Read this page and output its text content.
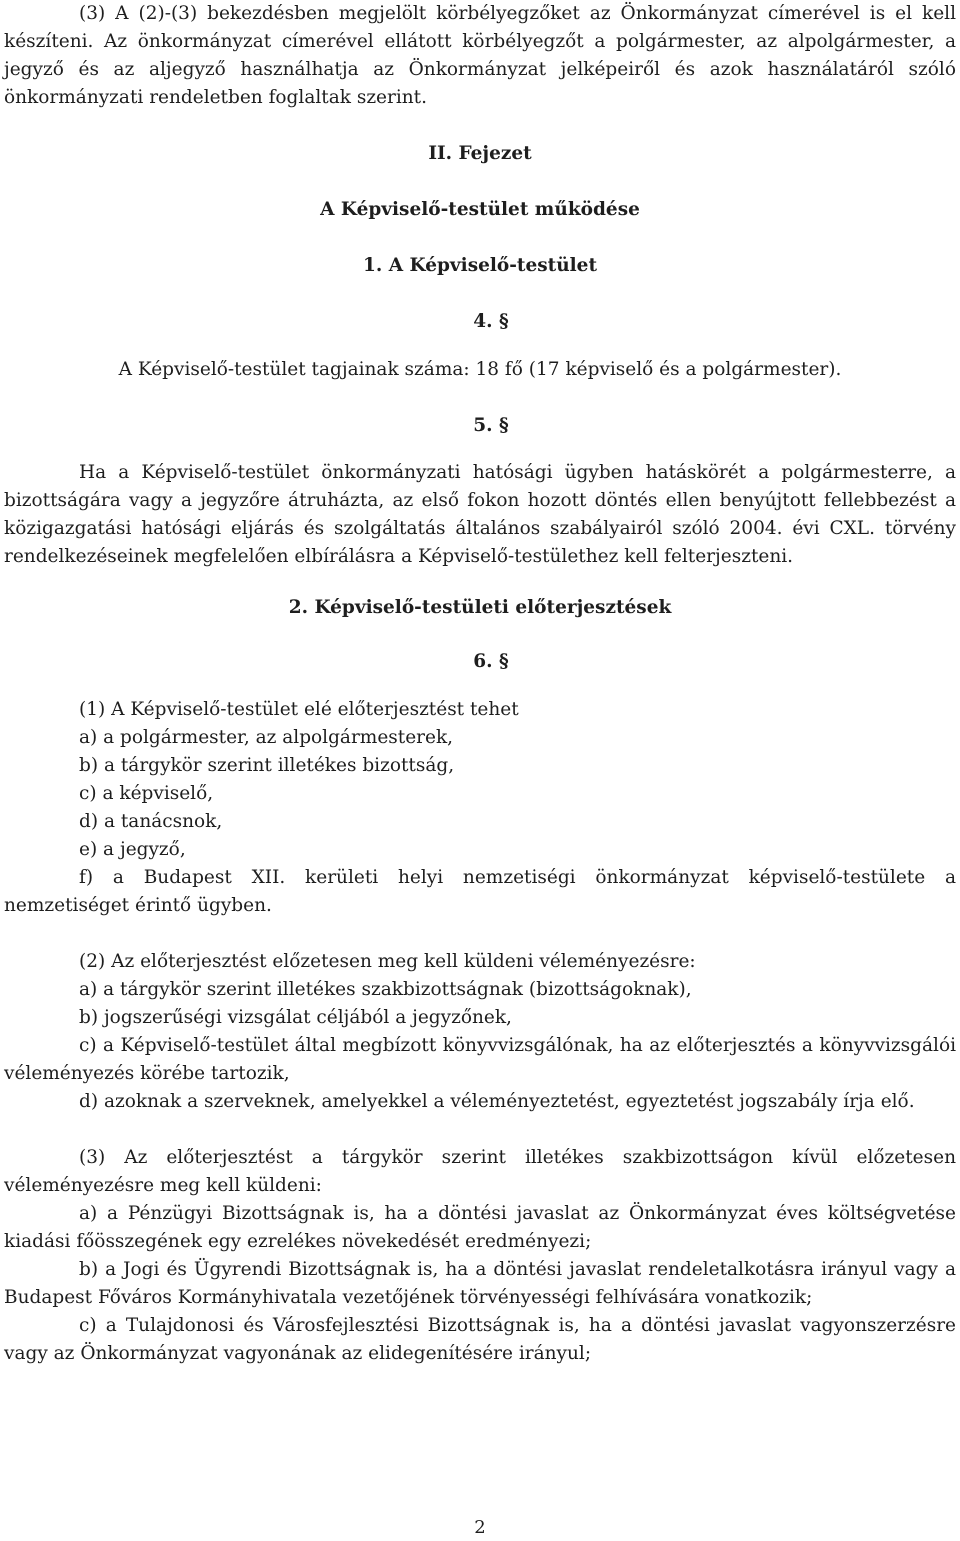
(3) A (2)-(3) bekezdésben megjelölt körbélyegzőket az Önkormányzat címerével is el kell készíteni. Az önkormányzat címerével ellátott körbélyegzőt a polgármester, az alpolgármester, a jegyző és az aljegyző használhatja az Önkormányzat jelképeiről és azok használatáról szóló önkormányzati rendeletben foglaltak szerint.

II. Fejezet

A Képviselő-testület működése

1. A Képviselő-testület

4. §

A Képviselő-testület tagjainak száma: 18 fő (17 képviselő és a polgármester).

5. §

Ha a Képviselő-testület önkormányzati hatósági ügyben hatáskörét a polgármesterre, a bizottságára vagy a jegyzőre átruházta, az első fokon hozott döntés ellen benyújtott fellebbezést a közigazgatási hatósági eljárás és szolgáltatás általános szabályairól szóló 2004. évi CXL. törvény rendelkezéseinek megfelelően elbírálásra a Képviselő-testülethez kell felterjeszteni.

2. Képviselő-testületi előterjesztések

6. §

(1) A Képviselő-testület elé előterjesztést tehet
a) a polgármester, az alpolgármesterek,
b) a tárgykör szerint illetékes bizottság,
c) a képviselő,
d) a tanácsnok,
e) a jegyző,
f) a Budapest XII. kerületi helyi nemzetiségi önkormányzat képviselő-testülete a nemzetiséget érintő ügyben.
(2) Az előterjesztést előzetesen meg kell küldeni véleményezésre:
a) a tárgykör szerint illetékes szakbizottságnak (bizottságoknak),
b) jogszerűségi vizsgálat céljából a jegyzőnek,
c) a Képviselő-testület által megbízott könyvvizsgálónak, ha az előterjesztés a könyvvizsgálói véleményezés körébe tartozik,
d) azoknak a szerveknek, amelyekkel a véleményeztetést, egyeztetést jogszabály írja elő.
(3) Az előterjesztést a tárgykör szerint illetékes szakbizottságon kívül előzetesen véleményezésre meg kell küldeni:
a) a Pénzügyi Bizottságnak is, ha a döntési javaslat az Önkormányzat éves költségvetése kiadási főösszegének egy ezrelékes növekedését eredményezi;
b) a Jogi és Ügyrendi Bizottságnak is, ha a döntési javaslat rendeletalkotásra irányul vagy a Budapest Főváros Kormányhivatala vezetőjének törvényességi felhívására vonatkozik;
c) a Tulajdonosi és Városfejlesztési Bizottságnak is, ha a döntési javaslat vagyonszerzésre vagy az Önkormányzat vagyonának az elidegenítésére irányul;
2
